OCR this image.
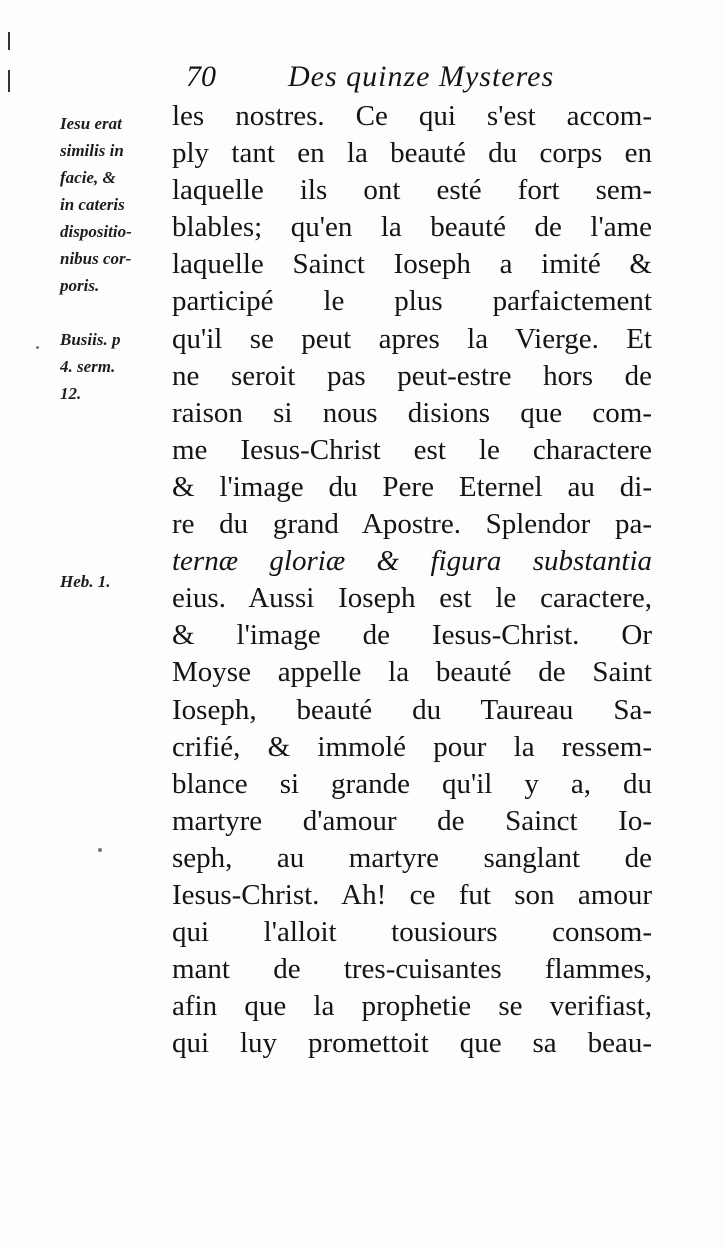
70 Des quinze Mysteres

Iesu erat

similis in

facie, &

in cateris

dispositio-

nibus cor-

poris.

Busiis. p

4. serm.

12.

Heb. 1.

les nostres. Ce qui s'est accom-
ply tant en la beauté du corps en
laquelle ils ont esté fort sem-
blables; qu'en la beauté de l'ame
laquelle Sainct Ioseph a imité &
participé le plus parfaictement
qu'il se peut apres la Vierge. Et
ne seroit pas peut-estre hors de
raison si nous disions que com-
me Iesus-Christ est le charactere
& l'image du Pere Eternel au di-
re du grand Apostre. Splendor pa-
ternæ gloriæ & figura substantia
eius. Aussi Ioseph est le caractere,
& l'image de Iesus-Christ. Or
Moyse appelle la beauté de Saint
Ioseph, beauté du Taureau Sa-
crifié, & immolé pour la ressem-
blance si grande qu'il y a, du
martyre d'amour de Sainct Io-
seph, au martyre sanglant de
Iesus-Christ. Ah! ce fut son amour
qui l'alloit tousiours consom-
mant de tres-cuisantes flammes,
afin que la prophetie se verifiast,
qui luy promettoit que sa beau-
